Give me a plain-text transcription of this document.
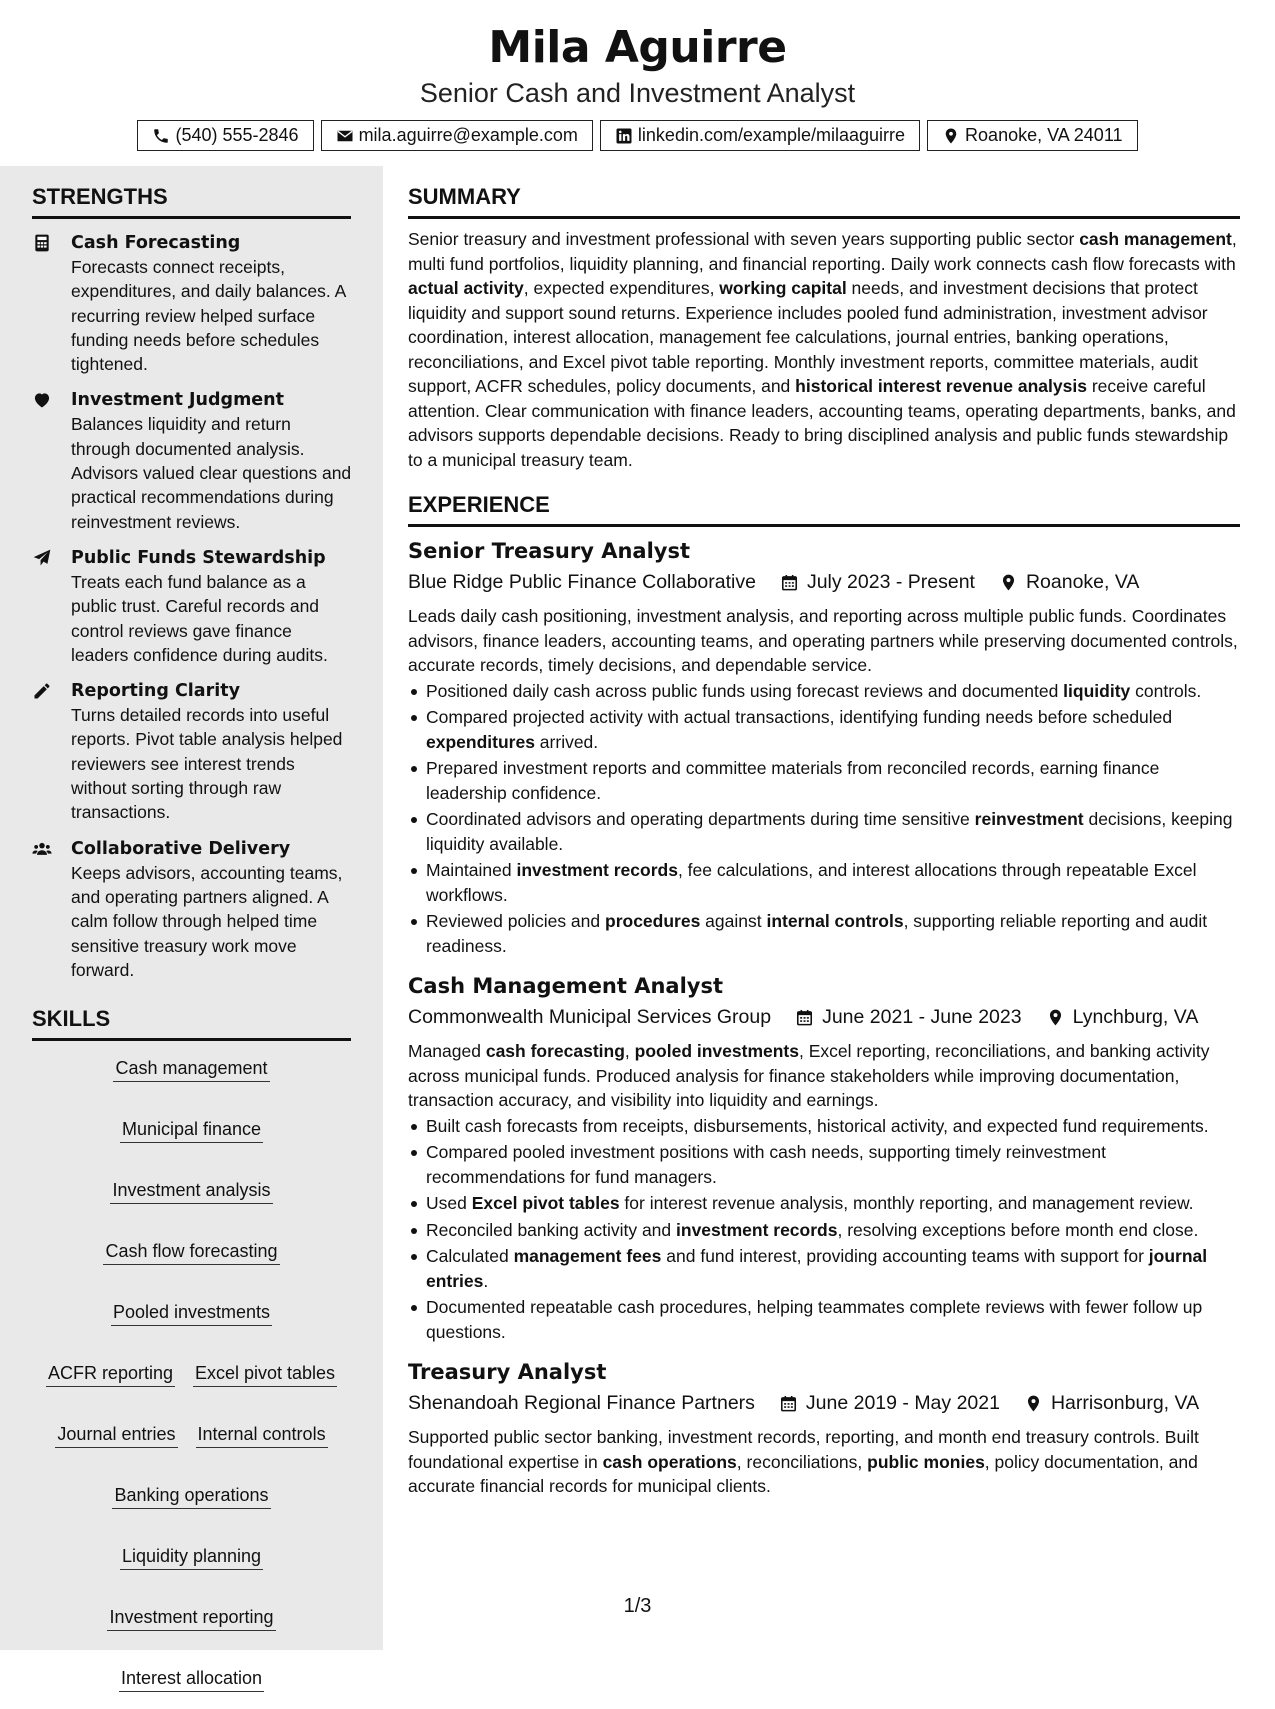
Mila Aguirre
Senior Cash and Investment Analyst
(540) 555-2846	mila.aguirre@example.com	linkedin.com/example/milaaguirre	Roanoke, VA 24011
STRENGTHS
Cash Forecasting
Forecasts connect receipts, expenditures, and daily balances. A recurring review helped surface funding needs before schedules tightened.
Investment Judgment
Balances liquidity and return through documented analysis. Advisors valued clear questions and practical recommendations during reinvestment reviews.
Public Funds Stewardship
Treats each fund balance as a public trust. Careful records and control reviews gave finance leaders confidence during audits.
Reporting Clarity
Turns detailed records into useful reports. Pivot table analysis helped reviewers see interest trends without sorting through raw transactions.
Collaborative Delivery
Keeps advisors, accounting teams, and operating partners aligned. A calm follow through helped time sensitive treasury work move forward.
SKILLS
Cash management
Municipal finance
Investment analysis
Cash flow forecasting
Pooled investments
ACFR reporting Excel pivot tables
Journal entries Internal controls
Banking operations
Liquidity planning
Investment reporting
Interest allocation
SUMMARY

Senior treasury and investment professional with seven years supporting public sector cash management, multi fund portfolios, liquidity planning, and financial reporting. Daily work connects cash flow forecasts with actual activity, expected expenditures, working capital needs, and investment decisions that protect liquidity and support sound returns. Experience includes pooled fund administration, investment advisor coordination, interest allocation, management fee calculations, journal entries, banking operations, reconciliations, and Excel pivot table reporting. Monthly investment reports, committee materials, audit support, ACFR schedules, policy documents, and historical interest revenue analysis receive careful attention. Clear communication with finance leaders, accounting teams, operating departments, banks, and advisors supports dependable decisions. Ready to bring disciplined analysis and public funds stewardship to a municipal treasury team.

EXPERIENCE
Senior Treasury Analyst
Blue Ridge Public Finance Collaborative	July 2023 - Present	Roanoke, VA

Leads daily cash positioning, investment analysis, and reporting across multiple public funds. Coordinates advisors, finance leaders, accounting teams, and operating partners while preserving documented controls, accurate records, timely decisions, and dependable service.

Positioned daily cash across public funds using forecast reviews and documented liquidity controls.
Compared projected activity with actual transactions, identifying funding needs before scheduled expenditures arrived.
Prepared investment reports and committee materials from reconciled records, earning finance leadership confidence.
Coordinated advisors and operating departments during time sensitive reinvestment decisions, keeping liquidity available.
Maintained investment records, fee calculations, and interest allocations through repeatable Excel workflows.
Reviewed policies and procedures against internal controls, supporting reliable reporting and audit readiness.
Cash Management Analyst
Commonwealth Municipal Services Group	June 2021 - June 2023	Lynchburg, VA

Managed cash forecasting, pooled investments, Excel reporting, reconciliations, and banking activity across municipal funds. Produced analysis for finance stakeholders while improving documentation, transaction accuracy, and visibility into liquidity and earnings.

Built cash forecasts from receipts, disbursements, historical activity, and expected fund requirements.
Compared pooled investment positions with cash needs, supporting timely reinvestment recommendations for fund managers.
Used Excel pivot tables for interest revenue analysis, monthly reporting, and management review.
Reconciled banking activity and investment records, resolving exceptions before month end close.
Calculated management fees and fund interest, providing accounting teams with support for journal entries.
Documented repeatable cash procedures, helping teammates complete reviews with fewer follow up questions.
Treasury Analyst
Shenandoah Regional Finance Partners	June 2019 - May 2021	Harrisonburg, VA

Supported public sector banking, investment records, reporting, and month end treasury controls. Built foundational expertise in cash operations, reconciliations, public monies, policy documentation, and accurate financial records for municipal clients.

1/3
